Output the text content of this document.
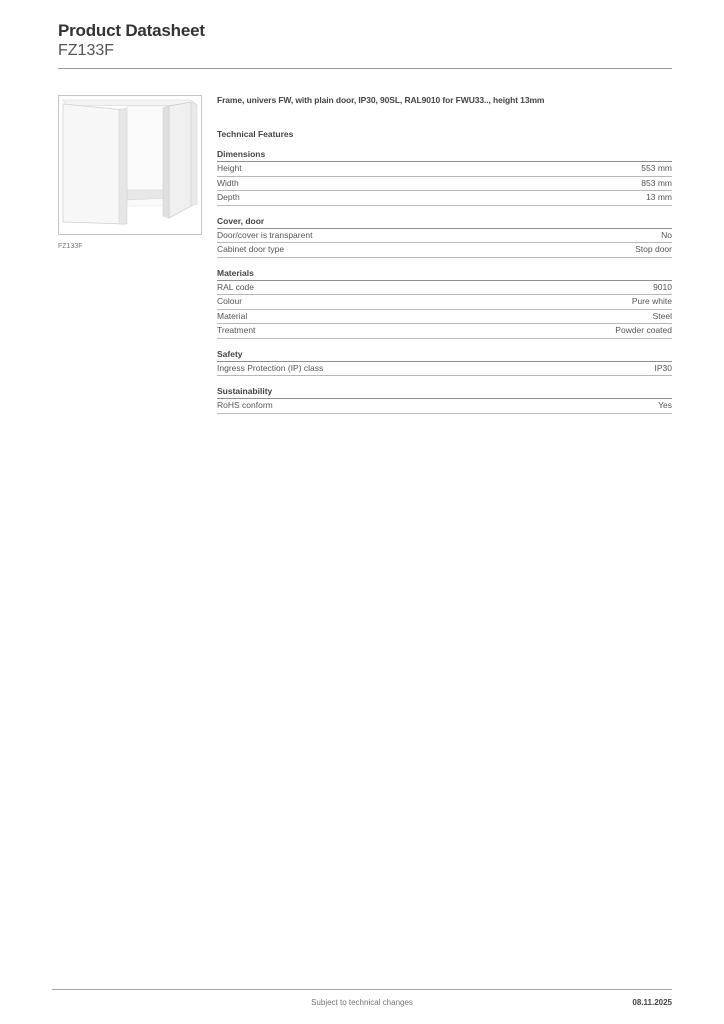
Product Datasheet
FZ133F
FZ133F
Frame, univers FW, with plain door, IP30, 90SL, RAL9010 for FWU33.., height 13mm
Technical Features
Dimensions
Height	553 mm
Width	853 mm
Depth	13 mm
Cover, door
Door/cover is transparent	No
Cabinet door type	Stop door
Materials
RAL code	9010
Colour	Pure white
Material	Steel
Treatment	Powder coated
Safety
Ingress Protection (IP) class	IP30
Sustainability
RoHS conform	Yes
Subject to technical changes	08.11.2025
